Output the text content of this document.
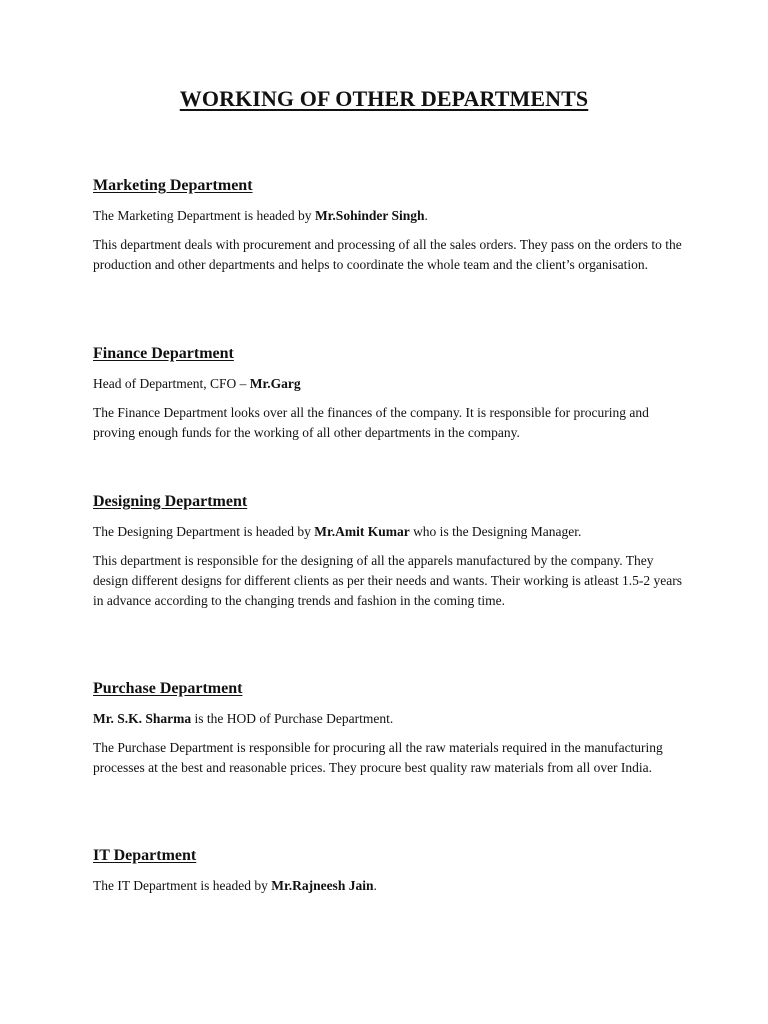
WORKING OF OTHER DEPARTMENTS
Marketing Department

The Marketing Department is headed by Mr.Sohinder Singh.

This department deals with procurement and processing of all the sales orders. They pass on the orders to the production and other departments and helps to coordinate the whole team and the client’s organisation.

Finance Department

Head of Department, CFO – Mr.Garg

The Finance Department looks over all the finances of the company. It is responsible for procuring and proving enough funds for the working of all other departments in the company.

Designing Department

The Designing Department is headed by Mr.Amit Kumar who is the Designing Manager.

This department is responsible for the designing of all the apparels manufactured by the company. They design different designs for different clients as per their needs and wants. Their working is atleast 1.5-2 years in advance according to the changing trends and fashion in the coming time.

Purchase Department

Mr. S.K. Sharma is the HOD of Purchase Department.

The Purchase Department is responsible for procuring all the raw materials required in the manufacturing processes at the best and reasonable prices. They procure best quality raw materials from all over India.

IT Department

The IT Department is headed by Mr.Rajneesh Jain.
